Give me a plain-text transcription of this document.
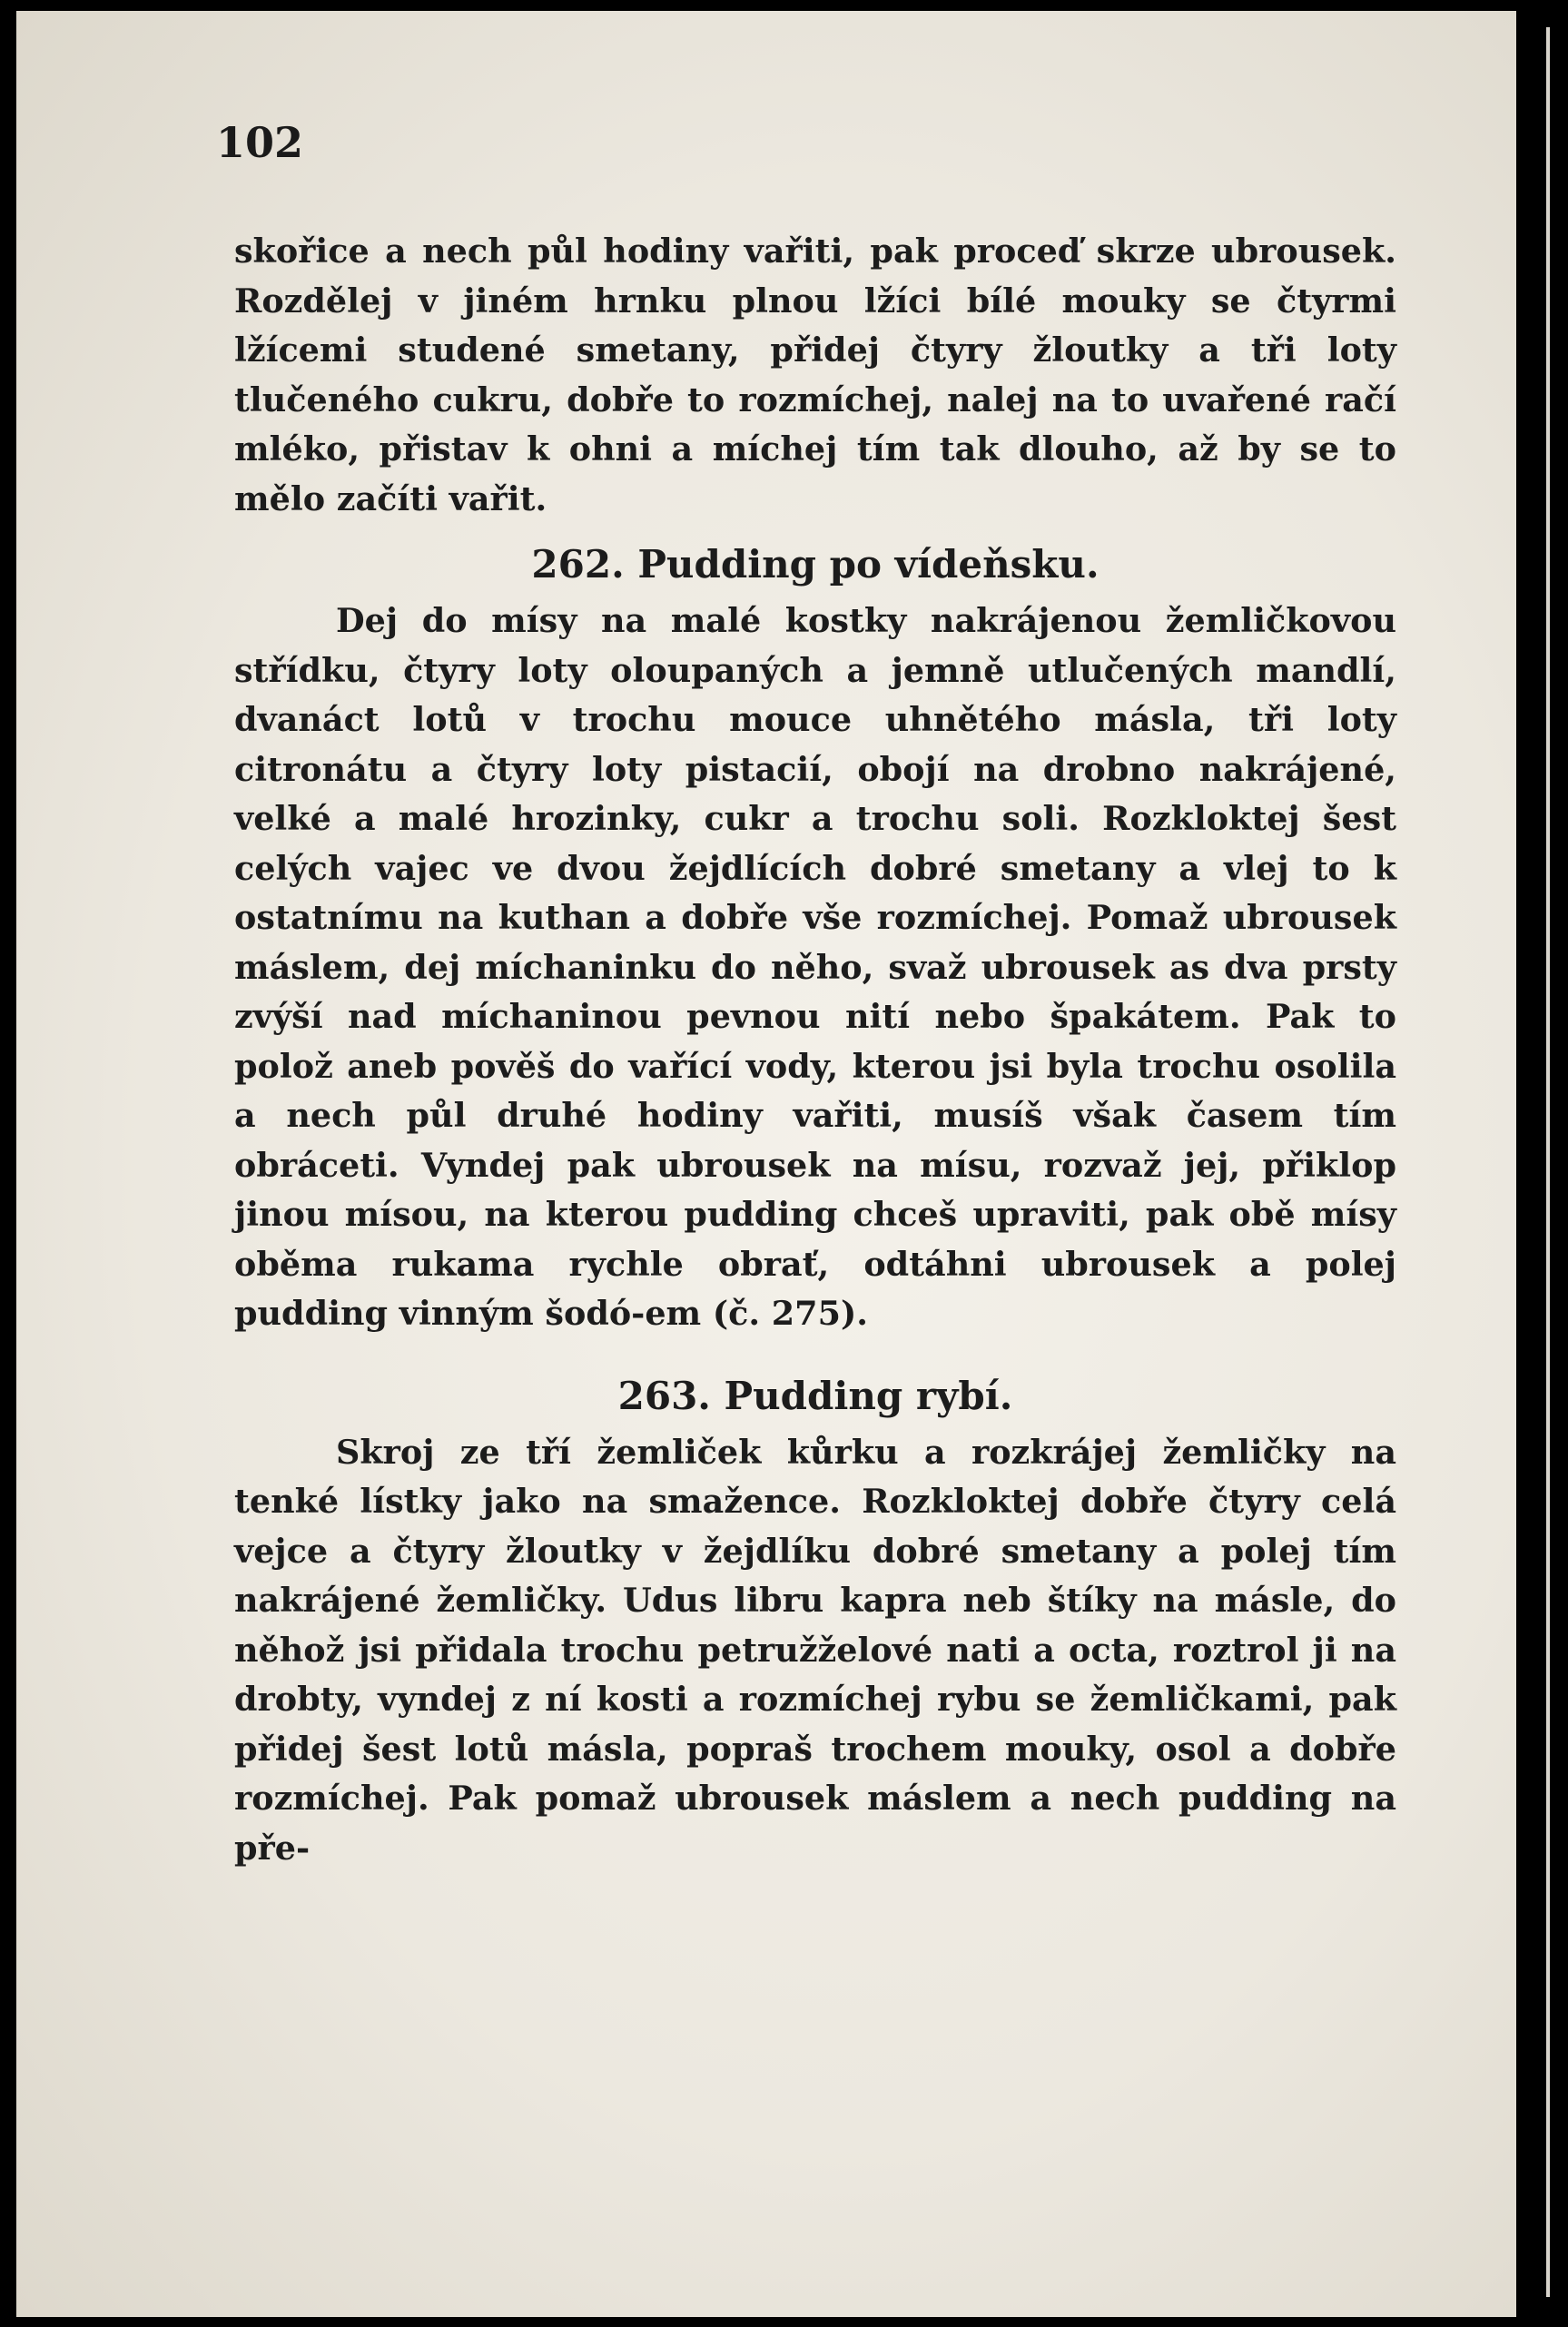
102

skořice a nech půl hodiny vařiti, pak proceď skrze ubrousek. Rozdělej v jiném hrnku plnou lžíci bílé mouky se čtyrmi lžícemi studené smetany, přidej čtyry žloutky a tři loty tlučeného cukru, dobře to rozmíchej, nalej na to uvařené račí mléko, přistav k ohni a míchej tím tak dlouho, až by se to mělo začíti vařit.

262. Pudding po vídeňsku.

Dej do mísy na malé kostky nakrájenou žemličkovou střídku, čtyry loty oloupaných a jemně utlučených mandlí, dvanáct lotů v trochu mouce uhnětého másla, tři loty citronátu a čtyry loty pistacií, obojí na drobno nakrájené, velké a malé hrozinky, cukr a trochu soli. Rozkloktej šest celých vajec ve dvou žejdlících dobré smetany a vlej to k ostatnímu na kuthan a dobře vše rozmíchej. Pomaž ubrousek máslem, dej míchaninku do něho, svaž ubrousek as dva prsty zvýší nad míchaninou pevnou nití nebo špakátem. Pak to polož aneb pověš do vařící vody, kterou jsi byla trochu osolila a nech půl druhé hodiny vařiti, musíš však časem tím obráceti. Vyndej pak ubrousek na mísu, rozvaž jej, přiklop jinou mísou, na kterou pudding chceš upraviti, pak obě mísy oběma rukama rychle obrať, odtáhni ubrousek a polej pudding vinným šodó-em (č. 275).

263. Pudding rybí.

Skroj ze tří žemliček kůrku a rozkrájej žemličky na tenké lístky jako na smažence. Rozkloktej dobře čtyry celá vejce a čtyry žloutky v žejdlíku dobré smetany a polej tím nakrájené žemličky. Udus libru kapra neb štíky na másle, do něhož jsi přidala trochu petružželové nati a octa, roztrol ji na drobty, vyndej z ní kosti a rozmíchej rybu se žemličkami, pak přidej šest lotů másla, popraš trochem mouky, osol a dobře rozmíchej. Pak pomaž ubrousek máslem a nech pudding na pře-
